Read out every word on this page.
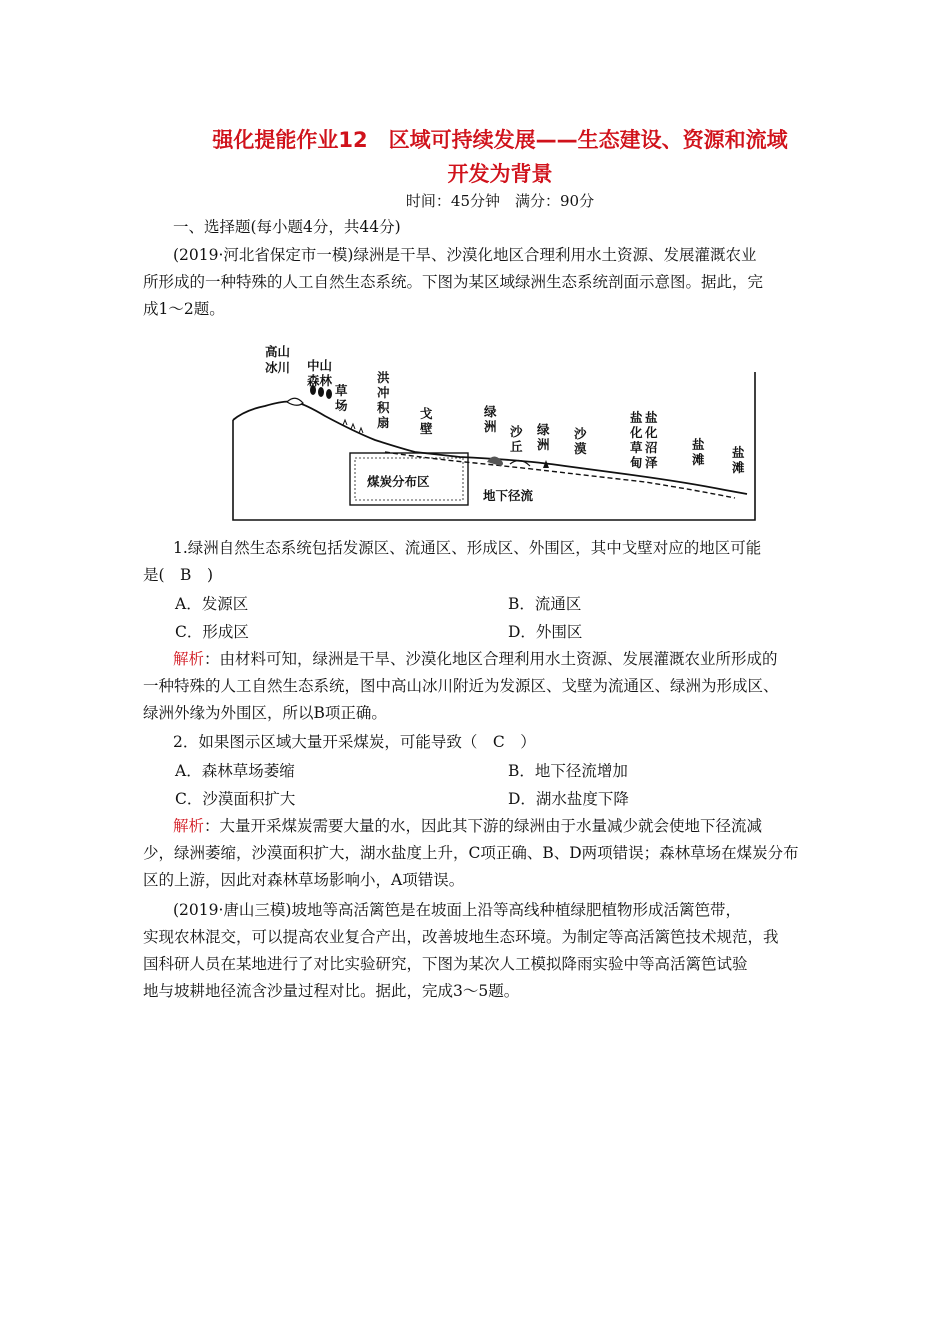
强化提能作业12　区域可持续发展——生态建设、资源和流域
开发为背景
时间：45分钟　满分：90分
一、选择题(每小题4分，共44分)
(2019·河北省保定市一模)绿洲是干旱、沙漠化地区合理利用水土资源、发展灌溉农业
所形成的一种特殊的人工自然生态系统。下图为某区域绿洲生态系统剖面示意图。据此，完
成1～2题。
高山
冰川 中山
森林
草
场
洪
冲
积
扇
戈
壁
绿
洲 沙
丘
绿
洲
沙
漠
盐
化
草
甸
盐
化
沼
泽
盐
滩 盐
滩
煤炭分布区
地下径流
1.绿洲自然生态系统包括发源区、流通区、形成区、外围区，其中戈壁对应的地区可能
是(　B　)
A．发源区	B．流通区
C．形成区	D．外围区
解析：由材料可知，绿洲是干旱、沙漠化地区合理利用水土资源、发展灌溉农业所形成的
一种特殊的人工自然生态系统，图中高山冰川附近为发源区、戈壁为流通区、绿洲为形成区、
绿洲外缘为外围区，所以B项正确。
2．如果图示区域大量开采煤炭，可能导致（　C　）
A．森林草场萎缩	B．地下径流增加
C．沙漠面积扩大	D．湖水盐度下降
解析：大量开采煤炭需要大量的水，因此其下游的绿洲由于水量减少就会使地下径流减
少，绿洲萎缩，沙漠面积扩大，湖水盐度上升，C项正确、B、D两项错误；森林草场在煤炭分布
区的上游，因此对森林草场影响小，A项错误。
(2019·唐山三模)坡地等高活篱笆是在坡面上沿等高线种植绿肥植物形成活篱笆带，
实现农林混交，可以提高农业复合产出，改善坡地生态环境。为制定等高活篱笆技术规范，我
国科研人员在某地进行了对比实验研究，下图为某次人工模拟降雨实验中等高活篱笆试验
地与坡耕地径流含沙量过程对比。据此，完成3～5题。
